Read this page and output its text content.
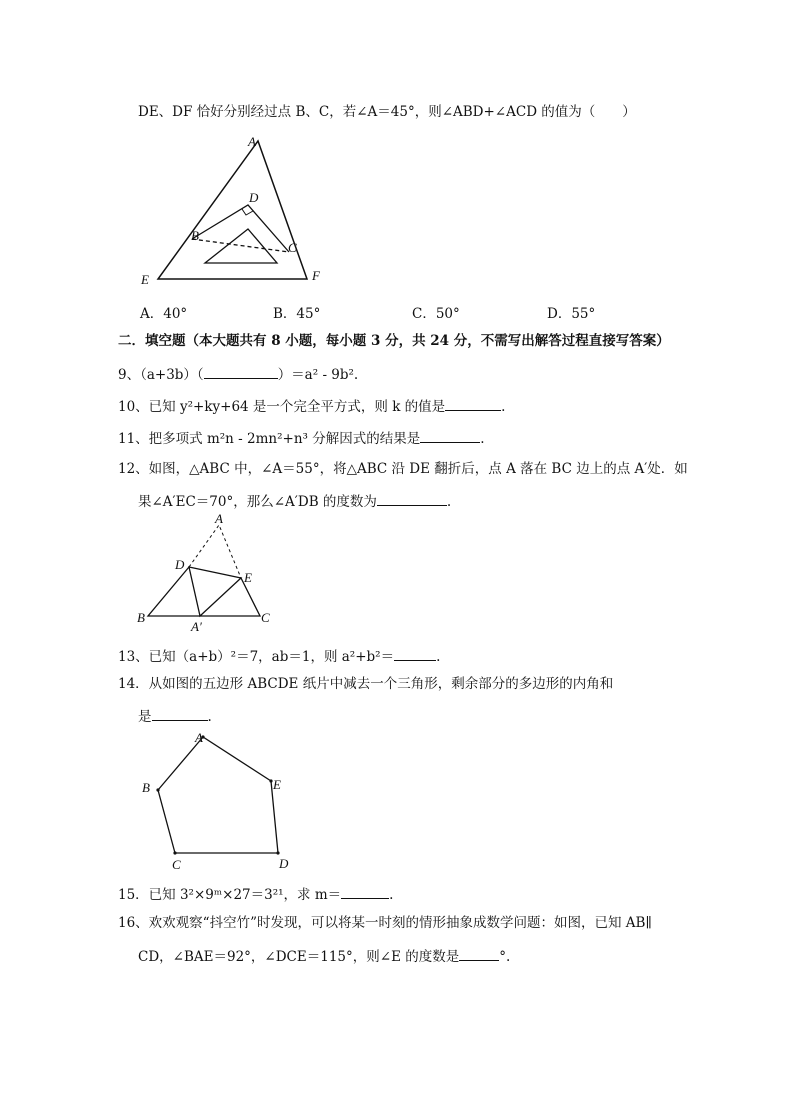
DE、DF 恰好分别经过点 B、C，若∠A＝45°，则∠ABD+∠ACD 的值为（　　）
A
D
B
C
E	F
A．40°	B．45°	C．50°	D．55°
二．填空题（本大题共有 8 小题，每小题 3 分，共 24 分，不需写出解答过程直接写答案）
9、（a+3b）（	）＝a² - 9b².
10、已知 y²+ky+64 是一个完全平方式，则 k 的值是	.
11、把多项式 m²n - 2mn²+n³ 分解因式的结果是	.
12、如图，△ABC 中，∠A＝55°，将△ABC 沿 DE 翻折后，点 A 落在 BC 边上的点 A′处．如
果∠A′EC＝70°，那么∠A′DB 的度数为	.
A
D
E
B
A′
C
13、已知（a+b）²＝7，ab＝1，则 a²+b²＝	.
14．从如图的五边形 ABCDE 纸片中减去一个三角形，剩余部分的多边形的内角和
是	.
A
B	E
C	D
15．已知 3²×9ᵐ×27＝3²¹，求 m＝	.
16、欢欢观察“抖空竹”时发现，可以将某一时刻的情形抽象成数学问题：如图，已知 AB∥
CD，∠BAE＝92°，∠DCE＝115°，则∠E 的度数是	°.
